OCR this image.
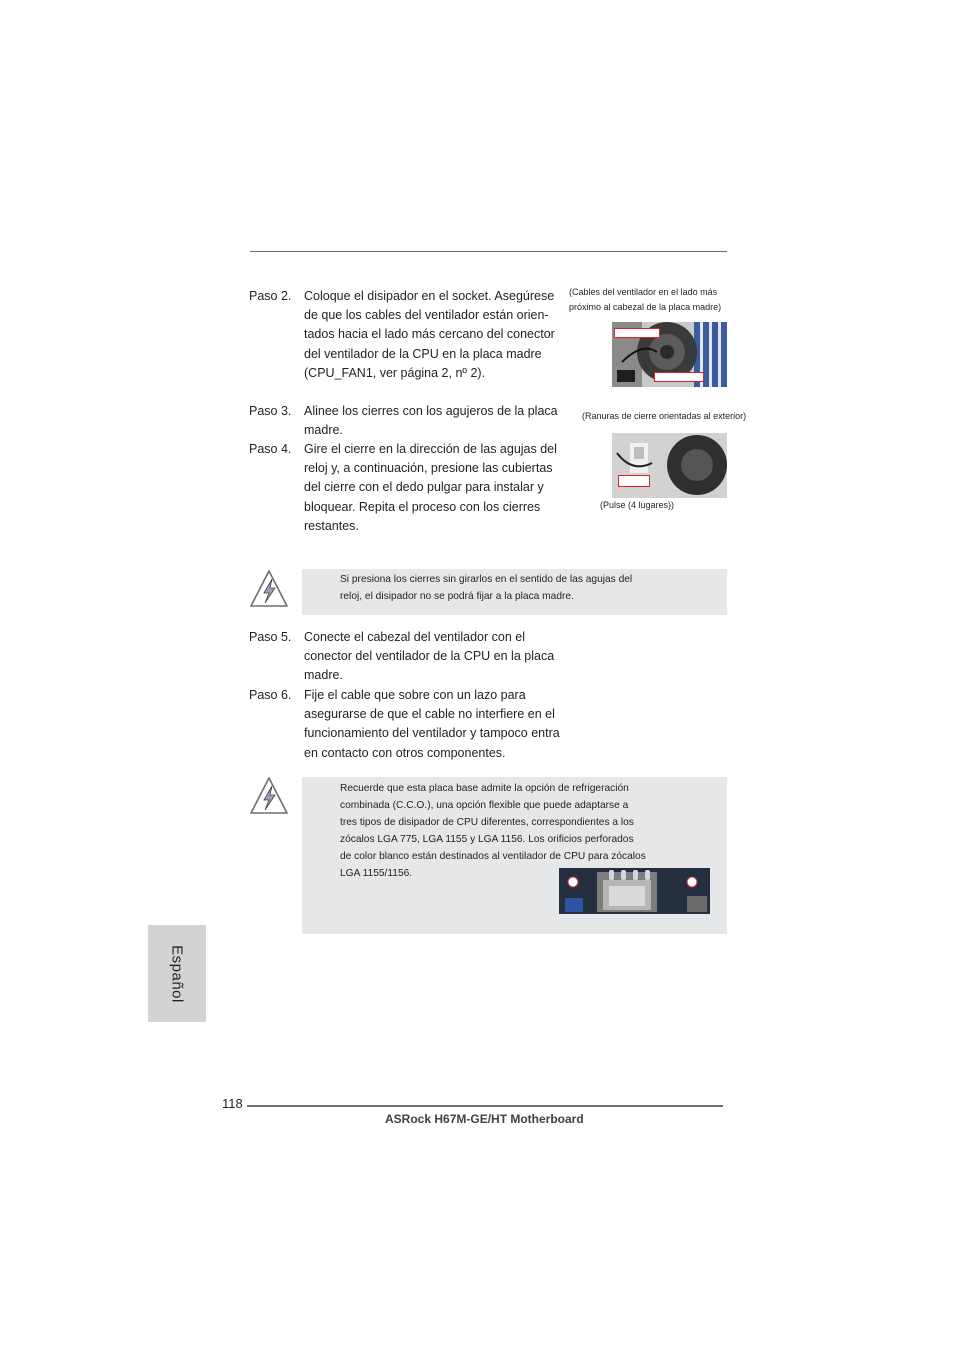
Paso 2. Coloque el disipador en el socket. Asegúrese
de que los cables del ventilador están orien-
tados hacia el lado más cercano del conector
del ventilador de la CPU en la placa madre
(CPU_FAN1, ver página 2, nº 2).
Paso 3. Alinee los cierres con los agujeros de la placa
madre.
Paso 4. Gire el cierre en la dirección de las agujas del
reloj y, a continuación, presione las cubiertas
del cierre con el dedo pulgar para instalar y
bloquear. Repita el proceso con los cierres
restantes.
(Cables del ventilador en el lado más
próximo al cabezal de la placa madre)
(Ranuras de cierre orientadas al exterior)
(Pulse (4 lugares))
Si presiona los cierres sin girarlos en el sentido de las agujas del
reloj, el disipador no se podrá fijar a la placa madre.
Paso 5. Conecte el cabezal del ventilador con el
conector del ventilador de la CPU en la placa
madre.
Paso 6. Fije el cable que sobre con un lazo para
asegurarse de que el cable no interfiere en el
funcionamiento del ventilador y tampoco entra
en contacto con otros componentes.
Recuerde que esta placa base admite la opción de refrigeración
combinada (C.C.O.), una opción flexible que puede adaptarse a
tres tipos de disipador de CPU diferentes, correspondientes a los
zócalos LGA 775, LGA 1155 y LGA 1156. Los orificios perforados
de color blanco están destinados al ventilador de CPU para zócalos
LGA 1155/1156.
Español
118
ASRock H67M-GE/HT Motherboard
